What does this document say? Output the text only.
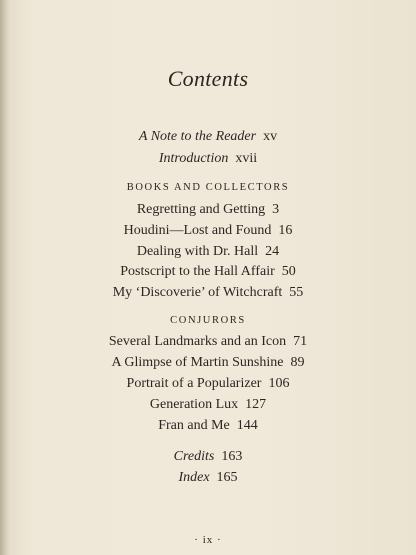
Contents
A Note to the Reader xv
Introduction xvii
BOOKS AND COLLECTORS
Regretting and Getting 3
Houdini—Lost and Found 16
Dealing with Dr. Hall 24
Postscript to the Hall Affair 50
My ‘Discoverie’ of Witchcraft 55
CONJURORS
Several Landmarks and an Icon 71
A Glimpse of Martin Sunshine 89
Portrait of a Popularizer 106
Generation Lux 127
Fran and Me 144
Credits 163
Index 165
· ix ·
